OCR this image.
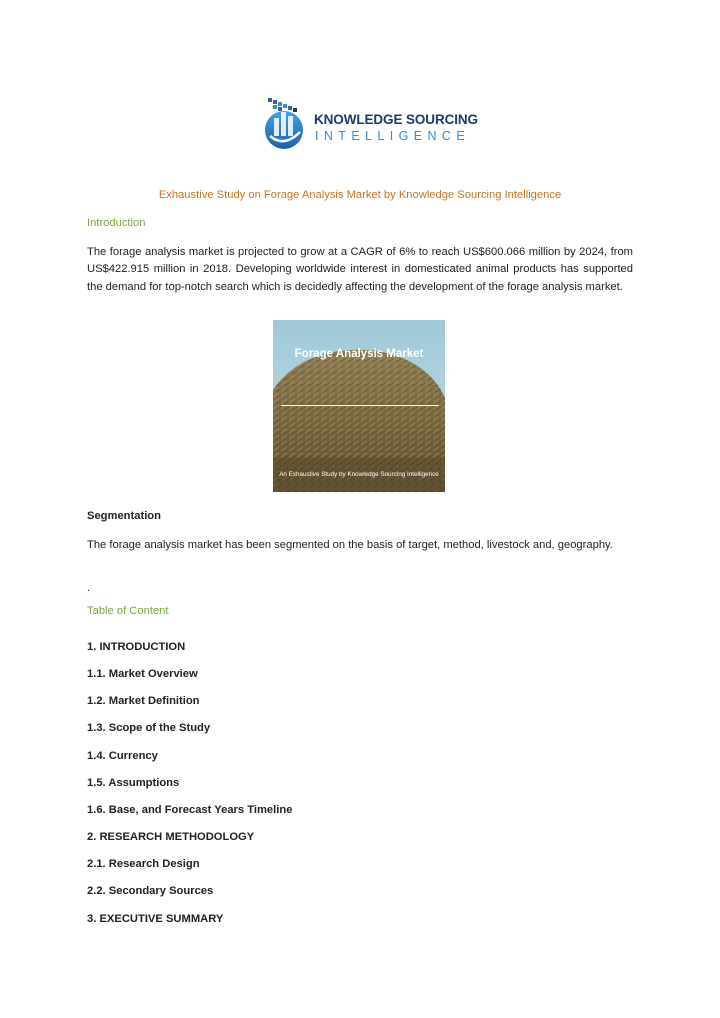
KNOWLEDGE SOURCING
INTELLIGENCE
Exhaustive Study on Forage Analysis Market by Knowledge Sourcing Intelligence
Introduction
The forage analysis market is projected to grow at a CAGR of 6% to reach US$600.066 million by 2024, from US$422.915 million in 2018. Developing worldwide interest in domesticated animal products has supported the demand for top-notch search which is decidedly affecting the development of the forage analysis market.
Forage Analysis Market
An Exhaustive Study by Knowledge Sourcing Intelligence
Segmentation
The forage analysis market has been segmented on the basis of target, method, livestock and, geography.
.
Table of Content
1. INTRODUCTION
1.1. Market Overview
1.2. Market Definition
1.3. Scope of the Study
1.4. Currency
1.5. Assumptions
1.6. Base, and Forecast Years Timeline
2. RESEARCH METHODOLOGY
2.1. Research Design
2.2. Secondary Sources
3. EXECUTIVE SUMMARY
